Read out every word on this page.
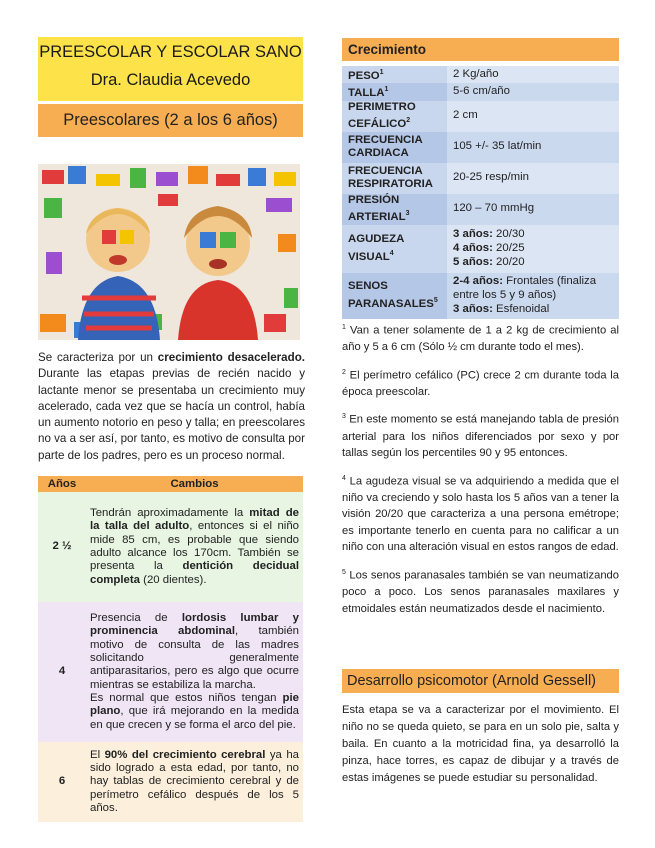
PREESCOLAR Y ESCOLAR SANO
Dra. Claudia Acevedo
Preescolares (2 a los 6 años)
Se caracteriza por un crecimiento desacelerado. Durante las etapas previas de recién nacido y lactante menor se presentaba un crecimiento muy acelerado, cada vez que se hacía un control, había un aumento notorio en peso y talla; en preescolares no va a ser así, por tanto, es motivo de consulta por parte de los padres, pero es un proceso normal.
Años	Cambios
2 ½	Tendrán aproximadamente la mitad de la talla del adulto, entonces si el niño mide 85 cm, es probable que siendo adulto alcance los 170cm. También se presenta la dentición decidual completa (20 dientes).

4	Presencia de lordosis lumbar y prominencia abdominal, también motivo de consulta de las madres solicitando generalmente antiparasitarios, pero es algo que ocurre mientras se estabiliza la marcha.
Es normal que estos niños tengan pie plano, que irá mejorando en la medida en que crecen y se forma el arco del pie.

6	El 90% del crecimiento cerebral ya ha sido logrado a esta edad, por tanto, no hay tablas de crecimiento cerebral y de perímetro cefálico después de los 5 años.
Crecimiento
PESO$^1$	2 Kg/año

TALLA$^1$	5-6 cm/año

PERIMETRO CEFÁLICO$^2$	2 cm

FRECUENCIA CARDIACA	105 +/- 35 lat/min

FRECUENCIA RESPIRATORIA	20-25 resp/min

PRESIÓN ARTERIAL$^3$	120 – 70 mmHg

AGUDEZA VISUAL$^4$	3 años: 20/30
4 años: 20/25
5 años: 20/20

SENOS PARANASALES$^5$	2-4 años: Frontales (finaliza entre los 5 y 9 años)
3 años: Esfenoidal
$^1$ Van a tener solamente de 1 a 2 kg de crecimiento al año y 5 a 6 cm (Sólo ½ cm durante todo el mes).
$^2$ El perímetro cefálico (PC) crece 2 cm durante toda la época preescolar.
$^3$ En este momento se está manejando tabla de presión arterial para los niños diferenciados por sexo y por tallas según los percentiles 90 y 95 entonces.
$^4$ La agudeza visual se va adquiriendo a medida que el niño va creciendo y solo hasta los 5 años van a tener la visión 20/20 que caracteriza a una persona emétrope; es importante tenerlo en cuenta para no calificar a un niño con una alteración visual en estos rangos de edad.
$^5$ Los senos paranasales también se van neumatizando poco a poco. Los senos paranasales maxilares y etmoidales están neumatizados desde el nacimiento.
Desarrollo psicomotor (Arnold Gessell)
Esta etapa se va a caracterizar por el movimiento. El niño no se queda quieto, se para en un solo pie, salta y baila. En cuanto a la motricidad fina, ya desarrolló la pinza, hace torres, es capaz de dibujar y a través de estas imágenes se puede estudiar su personalidad.
